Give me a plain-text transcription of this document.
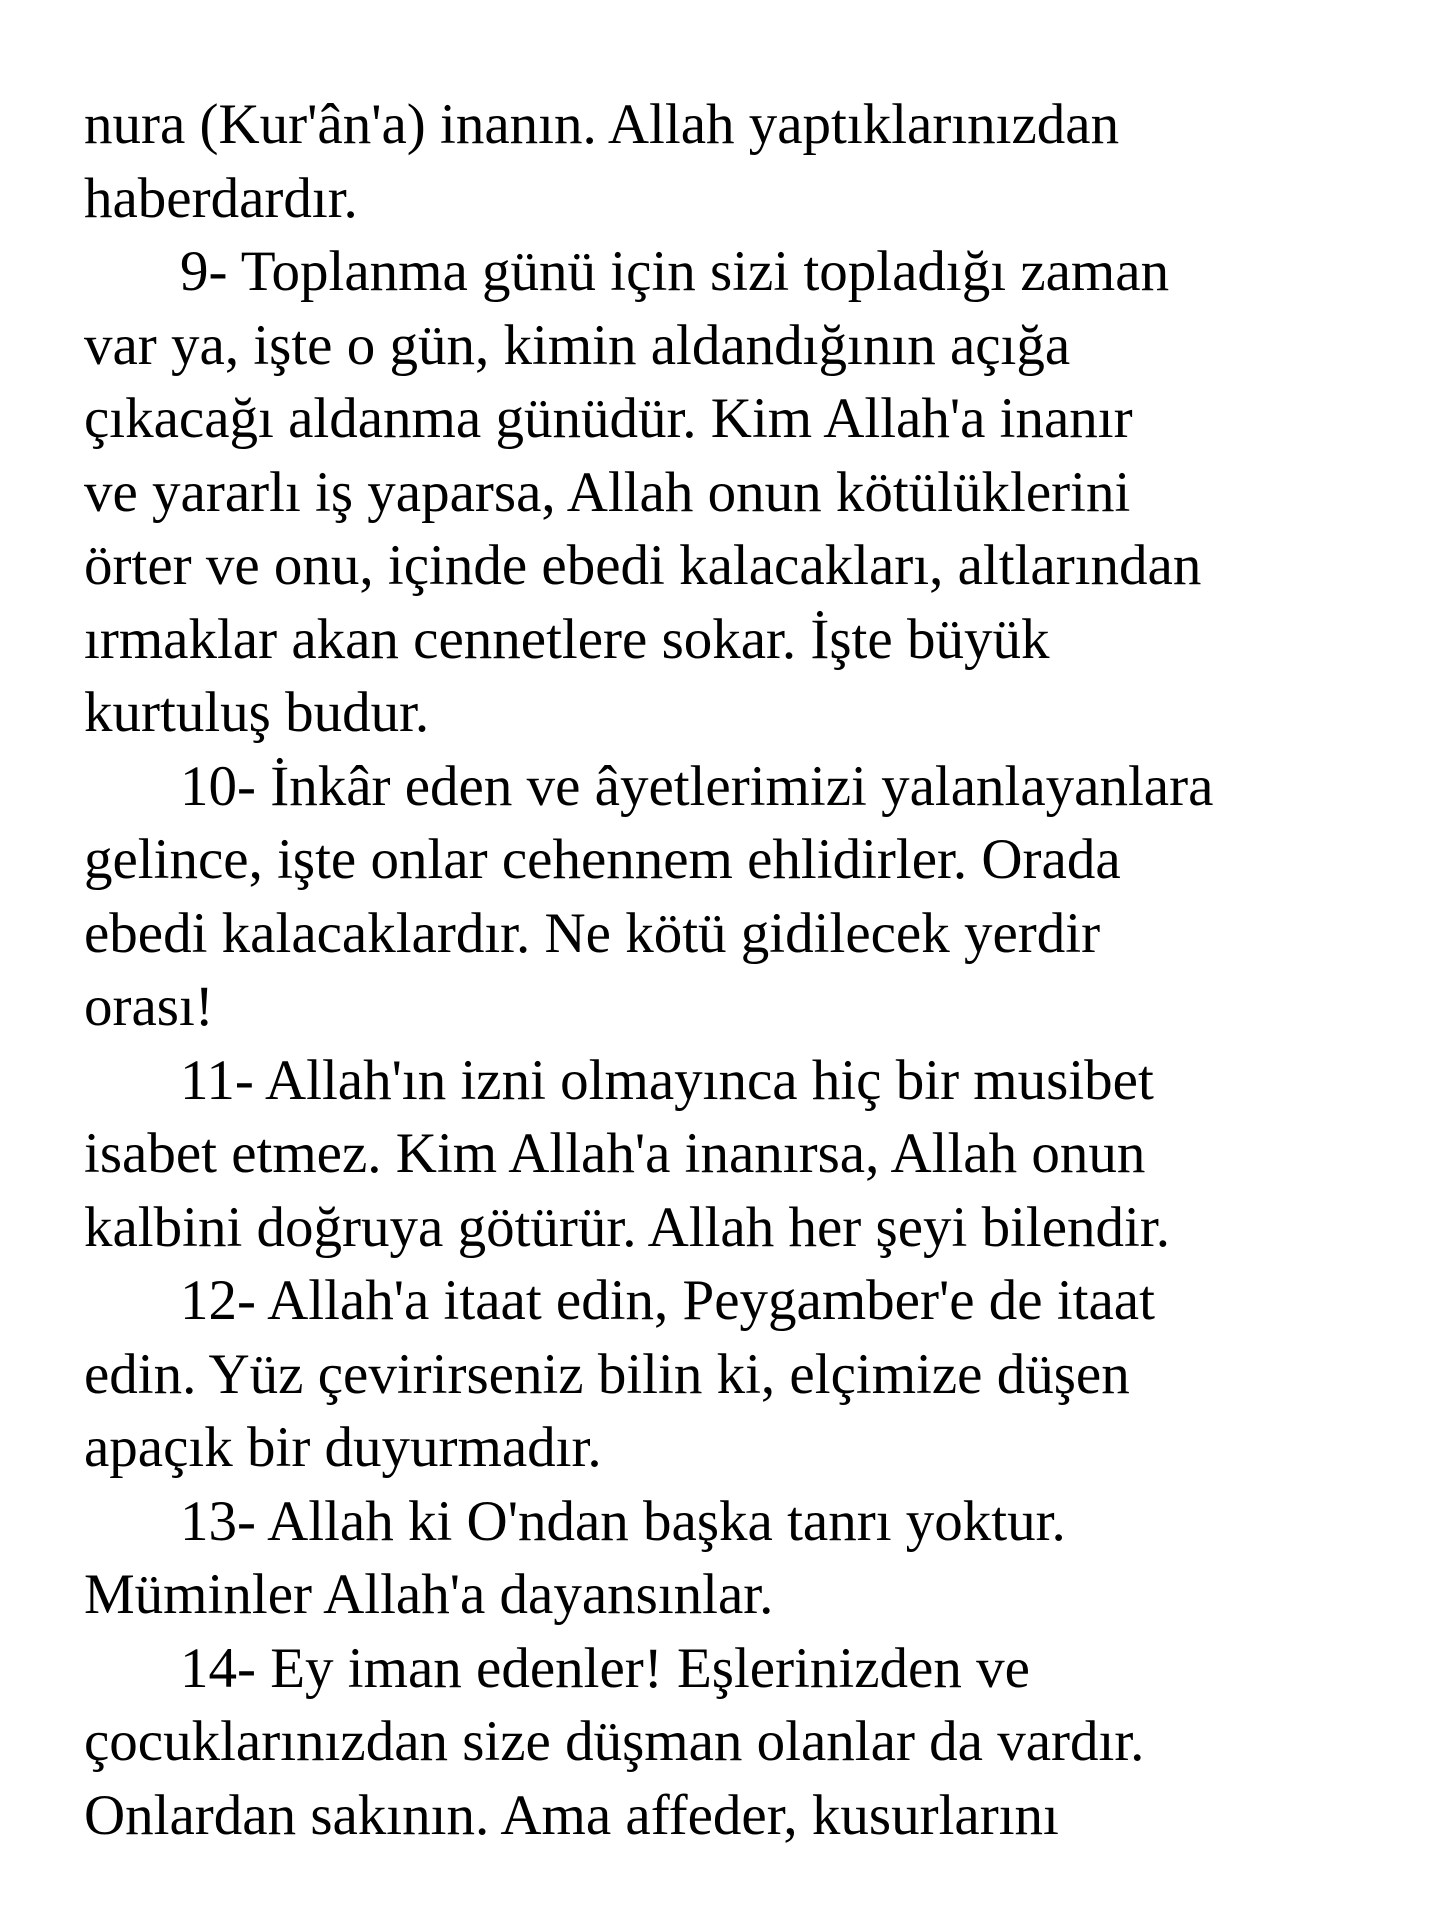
nura (Kur'ân'a) inanın. Allah yaptıklarınızdan
haberdardır.
9- Toplanma günü için sizi topladığı zaman
var ya, işte o gün, kimin aldandığının açığa
çıkacağı aldanma günüdür. Kim Allah'a inanır
ve yararlı iş yaparsa, Allah onun kötülüklerini
örter ve onu, içinde ebedi kalacakları, altlarından
ırmaklar akan cennetlere sokar. İşte büyük
kurtuluş budur.
10- İnkâr eden ve âyetlerimizi yalanlayanlara
gelince, işte onlar cehennem ehlidirler. Orada
ebedi kalacaklardır. Ne kötü gidilecek yerdir
orası!
11- Allah'ın izni olmayınca hiç bir musibet
isabet etmez. Kim Allah'a inanırsa, Allah onun
kalbini doğruya götürür. Allah her şeyi bilendir.
12- Allah'a itaat edin, Peygamber'e de itaat
edin. Yüz çevirirseniz bilin ki, elçimize düşen
apaçık bir duyurmadır.
13- Allah ki O'ndan başka tanrı yoktur.
Müminler Allah'a dayansınlar.
14- Ey iman edenler! Eşlerinizden ve
çocuklarınızdan size düşman olanlar da vardır.
Onlardan sakının. Ama affeder, kusurlarını
